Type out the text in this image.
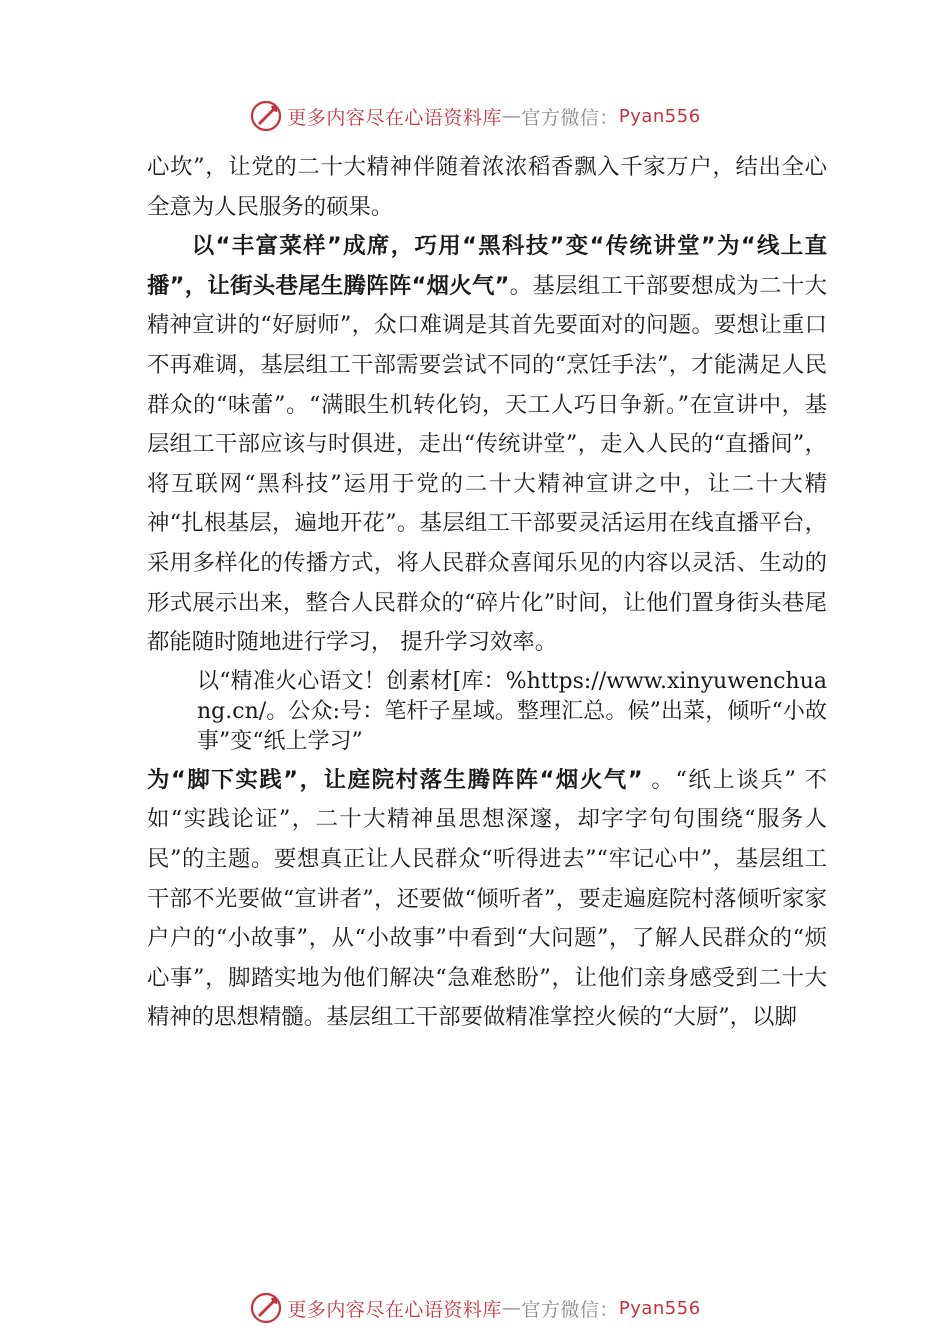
更多内容尽在心语资料库 — 官方微信： Pyan556

心坎”，让党的二十大精神伴随着浓浓稻香飘入千家万户，结出全心全意为人民服务的硕果。

以“丰富菜样”成席，巧用“黑科技”变“传统讲堂”为“线上直播”，让街头巷尾生腾阵阵“烟火气”。基层组工干部要想成为二十大精神宣讲的“好厨师”，众口难调是其首先要面对的问题。要想让重口不再难调，基层组工干部需要尝试不同的“烹饪手法”，才能满足人民群众的“味蕾”。“满眼生机转化钧，天工人巧日争新。”在宣讲中，基层组工干部应该与时俱进，走出“传统讲堂”，走入人民的“直播间”，将互联网“黑科技”运用于党的二十大精神宣讲之中，让二十大精神“扎根基层，遍地开花”。基层组工干部要灵活运用在线直播平台，采用多样化的传播方式，将人民群众喜闻乐见的内容以灵活、生动的形式展示出来，整合人民群众的“碎片化”时间，让他们置身街头巷尾都能随时随地进行学习， 提升学习效率。

以“精准火心语文！创素材[库：%https://www.xinyuwenchuang.cn/。公众:号：笔杆子星域。整理汇总。候”出菜，倾听“小故事”变“纸上学习”

为“脚下实践”，让庭院村落生腾阵阵“烟火气” 。“纸上谈兵” 不如“实践论证”，二十大精神虽思想深邃，却字字句句围绕“服务人民”的主题。要想真正让人民群众“听得进去”“牢记心中”，基层组工干部不光要做“宣讲者”，还要做“倾听者”，要走遍庭院村落倾听家家户户的“小故事”，从“小故事”中看到“大问题”，了解人民群众的“烦心事”，脚踏实地为他们解决“急难愁盼”，让他们亲身感受到二十大精神的思想精髓。基层组工干部要做精准掌控火候的“大厨”，以脚

更多内容尽在心语资料库 — 官方微信： Pyan556
